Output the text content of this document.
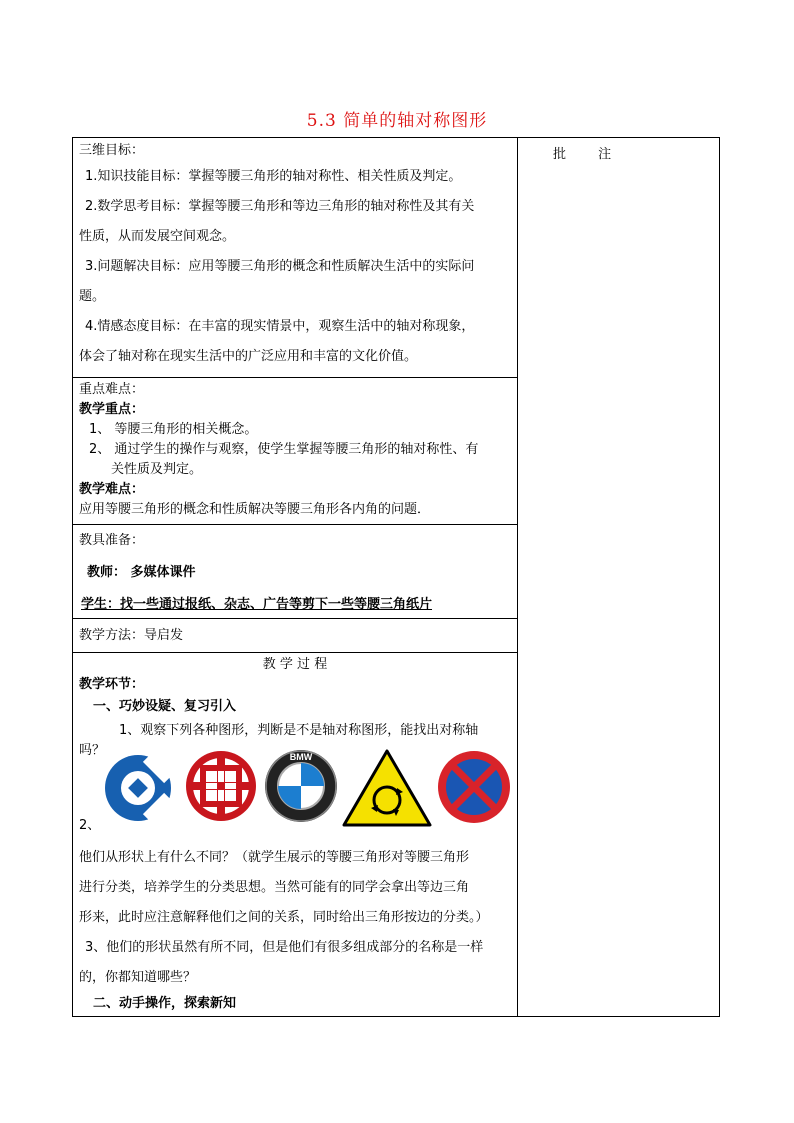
5.3 简单的轴对称图形
批 注

三维目标：

1.知识技能目标：掌握等腰三角形的轴对称性、相关性质及判定。

2.数学思考目标：掌握等腰三角形和等边三角形的轴对称性及其有关

性质，从而发展空间观念。

3.问题解决目标：应用等腰三角形的概念和性质解决生活中的实际问

题。

4.情感态度目标：在丰富的现实情景中，观察生活中的轴对称现象，

体会了轴对称在现实生活中的广泛应用和丰富的文化价值。

重点难点：

教学重点：

1、 等腰三角形的相关概念。

2、 通过学生的操作与观察，使学生掌握等腰三角形的轴对称性、有

关性质及判定。

教学难点：

应用等腰三角形的概念和性质解决等腰三角形各内角的问题．

教具准备：

教师： 多媒体课件

学生：找一些通过报纸、杂志、广告等剪下一些等腰三角纸片

教学方法：导启发

教 学 过 程

教学环节：

一、巧妙设疑、复习引入

1、观察下列各种图形，判断是不是轴对称图形，能找出对称轴

吗？	BMW

2、

他们从形状上有什么不同？（就学生展示的等腰三角形对等腰三角形

进行分类，培养学生的分类思想。当然可能有的同学会拿出等边三角

形来，此时应注意解释他们之间的关系，同时给出三角形按边的分类。）

3、他们的形状虽然有所不同，但是他们有很多组成部分的名称是一样

的，你都知道哪些？

二、动手操作，探索新知
